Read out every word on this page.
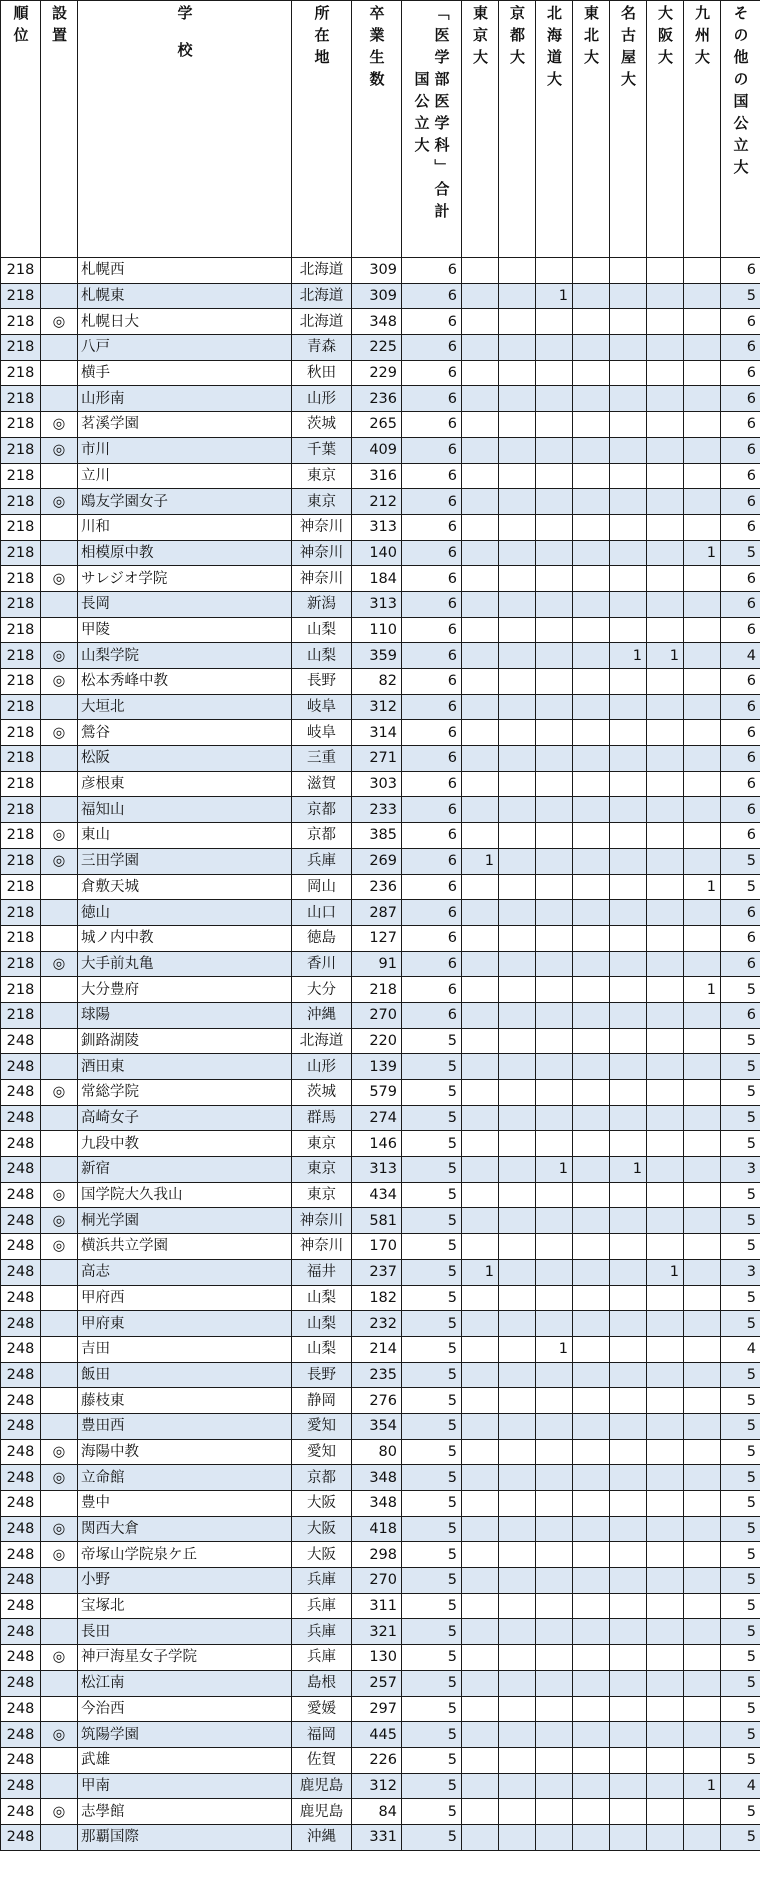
順位	設置	学校	所在地	卒業生数	国公立大 「医学部医学科」合計	東京大	京都大	北海道大	東北大	名古屋大	大阪大	九州大	その他の国公立大
218		札幌西	北海道	309	6								6
218		札幌東	北海道	309	6			1					5
218	◎	札幌日大	北海道	348	6								6
218		八戸	青森	225	6								6
218		横手	秋田	229	6								6
218		山形南	山形	236	6								6
218	◎	茗溪学園	茨城	265	6								6
218	◎	市川	千葉	409	6								6
218		立川	東京	316	6								6
218	◎	鴎友学園女子	東京	212	6								6
218		川和	神奈川	313	6								6
218		相模原中教	神奈川	140	6							1	5
218	◎	サレジオ学院	神奈川	184	6								6
218		長岡	新潟	313	6								6
218		甲陵	山梨	110	6								6
218	◎	山梨学院	山梨	359	6					1	1		4
218	◎	松本秀峰中教	長野	82	6								6
218		大垣北	岐阜	312	6								6
218	◎	鶯谷	岐阜	314	6								6
218		松阪	三重	271	6								6
218		彦根東	滋賀	303	6								6
218		福知山	京都	233	6								6
218	◎	東山	京都	385	6								6
218	◎	三田学園	兵庫	269	6	1							5
218		倉敷天城	岡山	236	6							1	5
218		徳山	山口	287	6								6
218		城ノ内中教	徳島	127	6								6
218	◎	大手前丸亀	香川	91	6								6
218		大分豊府	大分	218	6							1	5
218		球陽	沖縄	270	6								6
248		釧路湖陵	北海道	220	5								5
248		酒田東	山形	139	5								5
248	◎	常総学院	茨城	579	5								5
248		高崎女子	群馬	274	5								5
248		九段中教	東京	146	5								5
248		新宿	東京	313	5			1		1			3
248	◎	国学院大久我山	東京	434	5								5
248	◎	桐光学園	神奈川	581	5								5
248	◎	横浜共立学園	神奈川	170	5								5
248		高志	福井	237	5	1					1		3
248		甲府西	山梨	182	5								5
248		甲府東	山梨	232	5								5
248		吉田	山梨	214	5			1					4
248		飯田	長野	235	5								5
248		藤枝東	静岡	276	5								5
248		豊田西	愛知	354	5								5
248	◎	海陽中教	愛知	80	5								5
248	◎	立命館	京都	348	5								5
248		豊中	大阪	348	5								5
248	◎	関西大倉	大阪	418	5								5
248	◎	帝塚山学院泉ケ丘	大阪	298	5								5
248		小野	兵庫	270	5								5
248		宝塚北	兵庫	311	5								5
248		長田	兵庫	321	5								5
248	◎	神戸海星女子学院	兵庫	130	5								5
248		松江南	島根	257	5								5
248		今治西	愛媛	297	5								5
248	◎	筑陽学園	福岡	445	5								5
248		武雄	佐賀	226	5								5
248		甲南	鹿児島	312	5							1	4
248	◎	志學館	鹿児島	84	5								5
248		那覇国際	沖縄	331	5								5
